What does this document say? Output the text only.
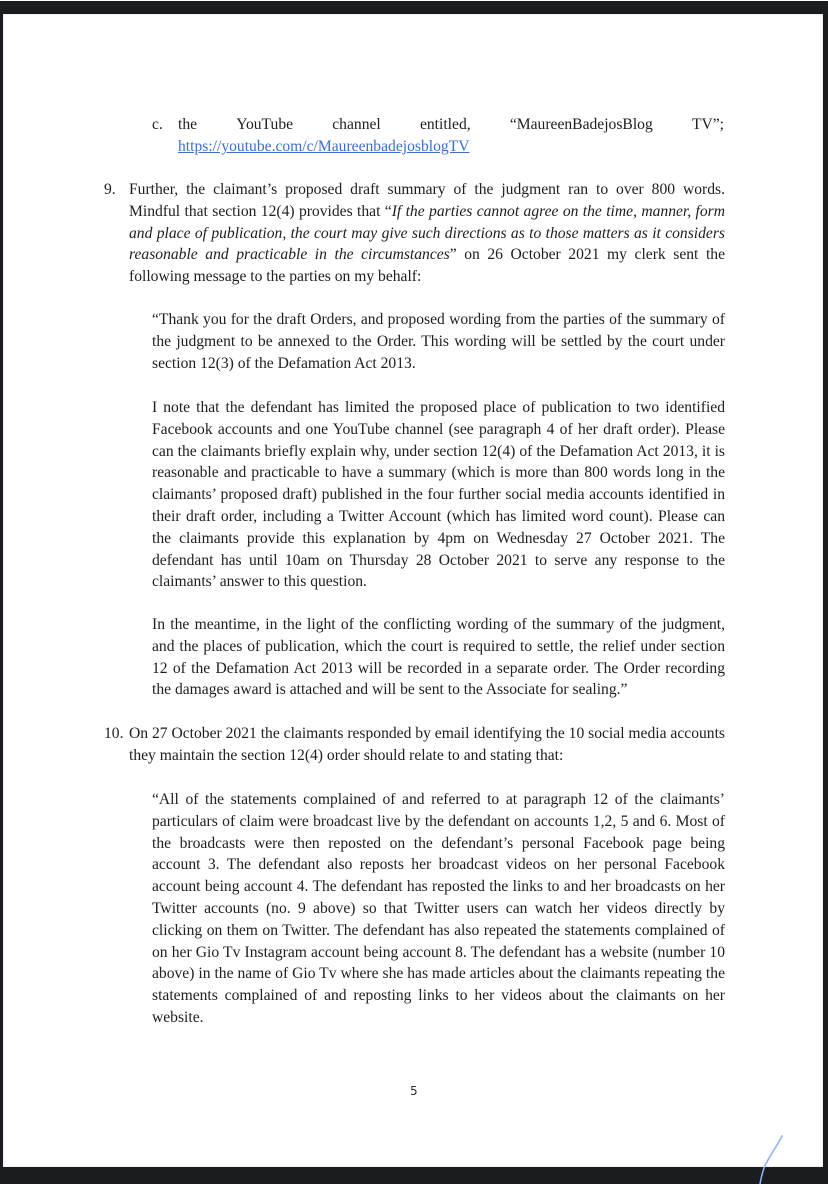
c. the	YouTube	channel	entitled,	“MaureenBadejosBlog	TV”;
https://youtube.com/c/MaureenbadejosblogTV
9. Further, the claimant’s proposed draft summary of the judgment ran to over 800 words. Mindful that section 12(4) provides that “If the parties cannot agree on the time, manner, form and place of publication, the court may give such directions as to those matters as it considers reasonable and practicable in the circumstances” on 26 October 2021 my clerk sent the following message to the parties on my behalf:
“Thank you for the draft Orders, and proposed wording from the parties of the summary of the judgment to be annexed to the Order. This wording will be settled by the court under section 12(3) of the Defamation Act 2013.
I note that the defendant has limited the proposed place of publication to two identified Facebook accounts and one YouTube channel (see paragraph 4 of her draft order). Please can the claimants briefly explain why, under section 12(4) of the Defamation Act 2013, it is reasonable and practicable to have a summary (which is more than 800 words long in the claimants’ proposed draft) published in the four further social media accounts identified in their draft order, including a Twitter Account (which has limited word count). Please can the claimants provide this explanation by 4pm on Wednesday 27 October 2021. The defendant has until 10am on Thursday 28 October 2021 to serve any response to the claimants’ answer to this question.
In the meantime, in the light of the conflicting wording of the summary of the judgment, and the places of publication, which the court is required to settle, the relief under section 12 of the Defamation Act 2013 will be recorded in a separate order. The Order recording the damages award is attached and will be sent to the Associate for sealing.”
10. On 27 October 2021 the claimants responded by email identifying the 10 social media accounts they maintain the section 12(4) order should relate to and stating that:
“All of the statements complained of and referred to at paragraph 12 of the claimants’ particulars of claim were broadcast live by the defendant on accounts 1,2, 5 and 6. Most of the broadcasts were then reposted on the defendant’s personal Facebook page being account 3. The defendant also reposts her broadcast videos on her personal Facebook account being account 4. The defendant has reposted the links to and her broadcasts on her Twitter accounts (no. 9 above) so that Twitter users can watch her videos directly by clicking on them on Twitter. The defendant has also repeated the statements complained of on her Gio Tv Instagram account being account 8. The defendant has a website (number 10 above) in the name of Gio Tv where she has made articles about the claimants repeating the statements complained of and reposting links to her videos about the claimants on her website.
5
